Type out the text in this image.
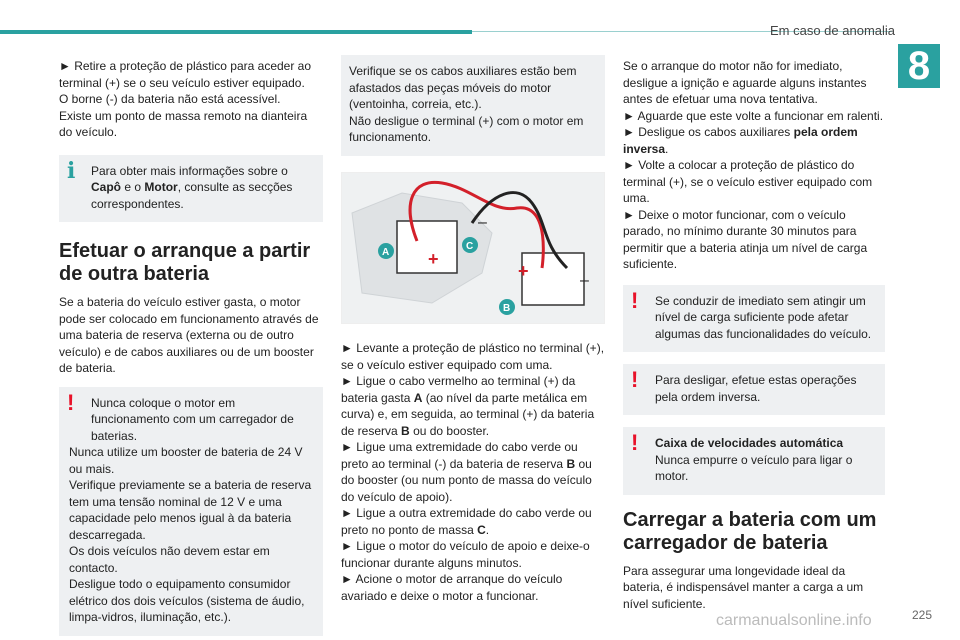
Em caso de anomalia
8

► Retire a proteção de plástico para aceder ao terminal (+) se o seu veículo estiver equipado.

O borne (-) da bateria não está acessível.

Existe um ponto de massa remoto na dianteira do veículo.

i	Para obter mais informações sobre o Capô e o Motor, consulte as secções correspondentes.

Efetuar o arranque a partir de outra bateria

Se a bateria do veículo estiver gasta, o motor pode ser colocado em funcionamento através de uma bateria de reserva (externa ou de outro veículo) e de cabos auxiliares ou de um booster de bateria.

!	Nunca coloque o motor em funcionamento com um carregador de baterias.

Nunca utilize um booster de bateria de 24 V ou mais.

Verifique previamente se a bateria de reserva tem uma tensão nominal de 12 V e uma capacidade pelo menos igual à da bateria descarregada.

Os dois veículos não devem estar em contacto.

Desligue todo o equipamento consumidor elétrico dos dois veículos (sistema de áudio, limpa-vidros, iluminação, etc.).

Verifique se os cabos auxiliares estão bem afastados das peças móveis do motor (ventoinha, correia, etc.).

Não desligue o terminal (+) com o motor em funcionamento.

+
+
–
–
A
C
B

► Levante a proteção de plástico no terminal (+), se o veículo estiver equipado com uma.

► Ligue o cabo vermelho ao terminal (+) da bateria gasta A (ao nível da parte metálica em curva) e, em seguida, ao terminal (+) da bateria de reserva B ou do booster.

► Ligue uma extremidade do cabo verde ou preto ao terminal (-) da bateria de reserva B ou do booster (ou num ponto de massa do veículo do veículo de apoio).

► Ligue a outra extremidade do cabo verde ou preto no ponto de massa C.

► Ligue o motor do veículo de apoio e deixe-o funcionar durante alguns minutos.

► Acione o motor de arranque do veículo avariado e deixe o motor a funcionar.

Se o arranque do motor não for imediato, desligue a ignição e aguarde alguns instantes antes de efetuar uma nova tentativa.

► Aguarde que este volte a funcionar em ralenti.

► Desligue os cabos auxiliares pela ordem inversa.

► Volte a colocar a proteção de plástico do terminal (+), se o veículo estiver equipado com uma.

► Deixe o motor funcionar, com o veículo parado, no mínimo durante 30 minutos para permitir que a bateria atinja um nível de carga suficiente.

!	Se conduzir de imediato sem atingir um nível de carga suficiente pode afetar algumas das funcionalidades do veículo.

!	Para desligar, efetue estas operações pela ordem inversa.

!	Caixa de velocidades automática

Nunca empurre o veículo para ligar o motor.

Carregar a bateria com um carregador de bateria

Para assegurar uma longevidade ideal da bateria, é indispensável manter a carga a um nível suficiente.

carmanualsonline.info	225
